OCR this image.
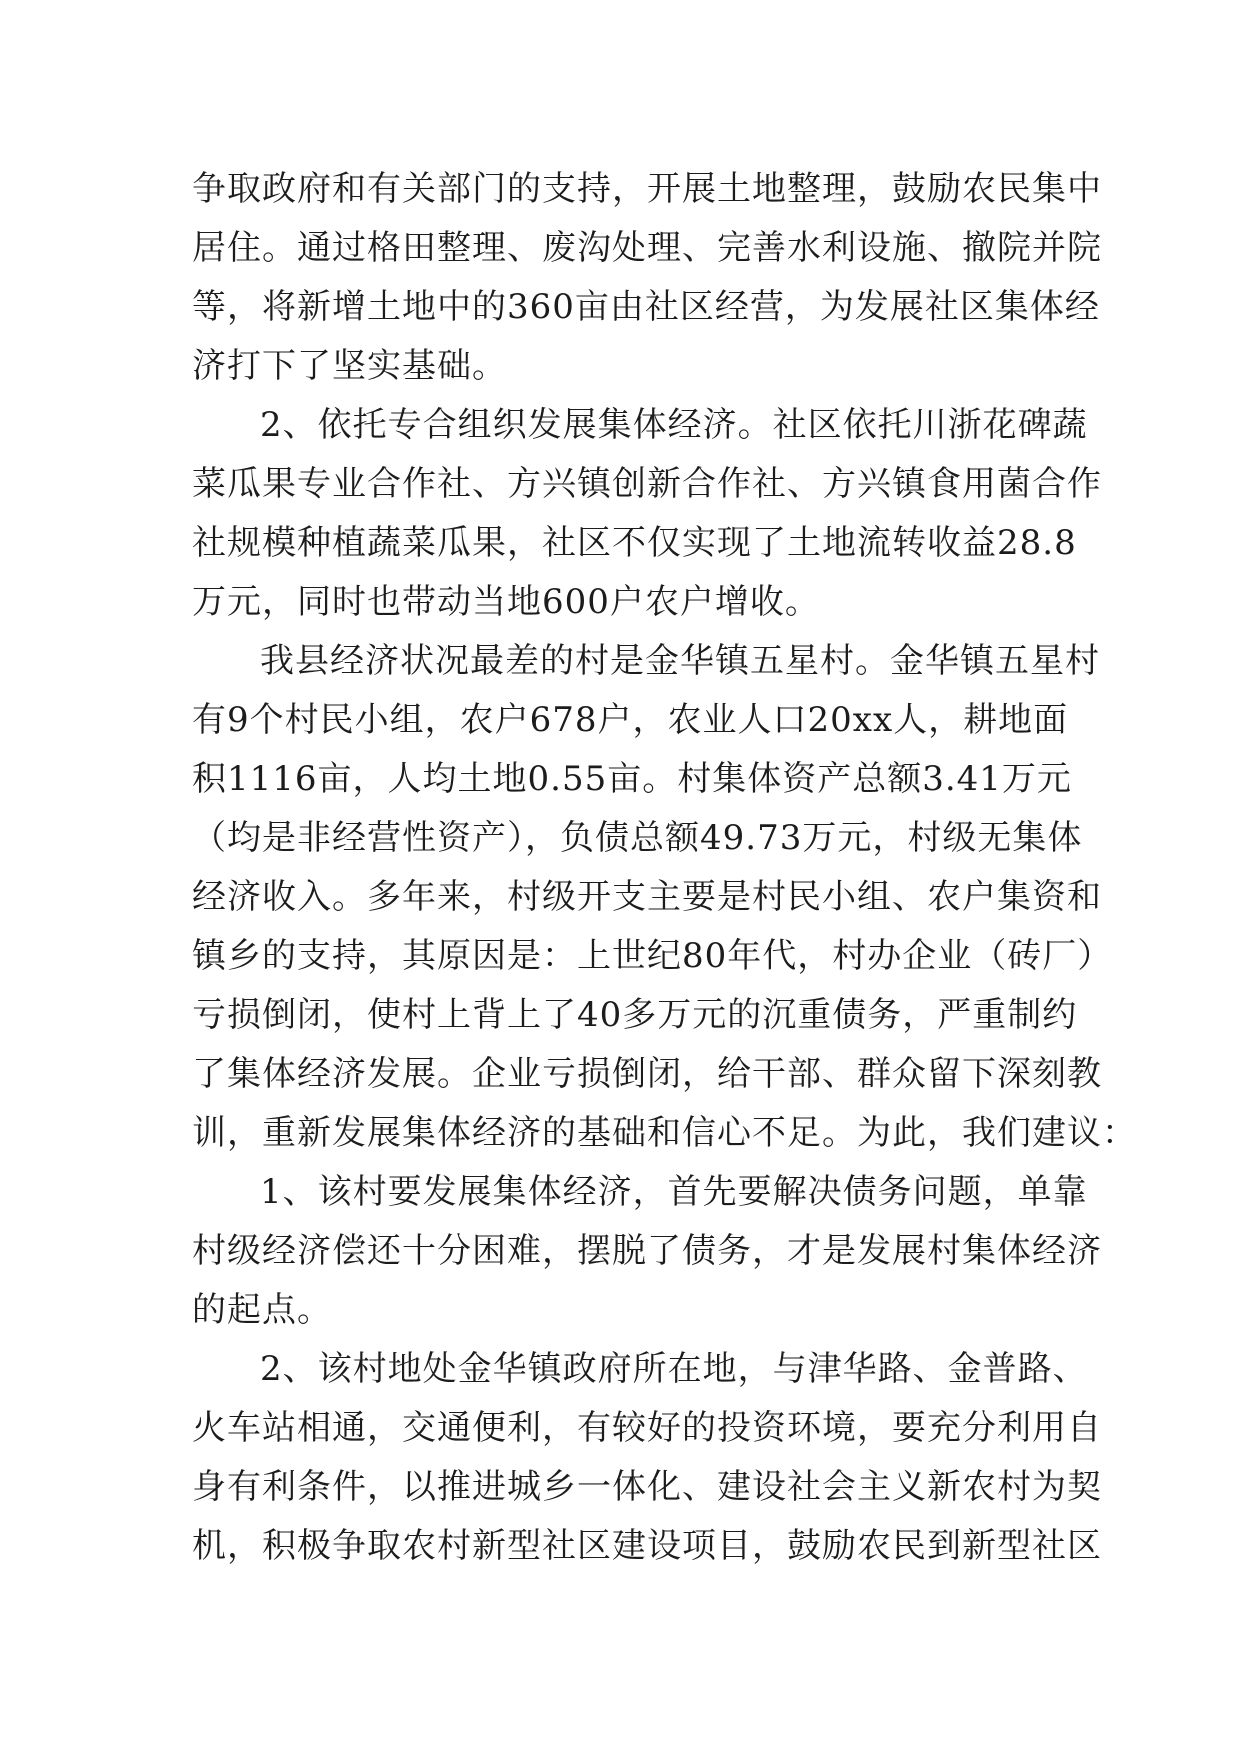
争取政府和有关部门的支持，开展土地整理，鼓励农民集中
居住。通过格田整理、废沟处理、完善水利设施、撤院并院
等，将新增土地中的360亩由社区经营，为发展社区集体经
济打下了坚实基础。
2、依托专合组织发展集体经济。社区依托川浙花碑蔬
菜瓜果专业合作社、方兴镇创新合作社、方兴镇食用菌合作
社规模种植蔬菜瓜果，社区不仅实现了土地流转收益28.8
万元，同时也带动当地600户农户增收。
我县经济状况最差的村是金华镇五星村。金华镇五星村
有9个村民小组，农户678户，农业人口20xx人，耕地面
积1116亩，人均土地0.55亩。村集体资产总额3.41万元
（均是非经营性资产），负债总额49.73万元，村级无集体
经济收入。多年来，村级开支主要是村民小组、农户集资和
镇乡的支持，其原因是：上世纪80年代，村办企业（砖厂）
亏损倒闭，使村上背上了40多万元的沉重债务，严重制约
了集体经济发展。企业亏损倒闭，给干部、群众留下深刻教
训，重新发展集体经济的基础和信心不足。为此，我们建议：
1、该村要发展集体经济，首先要解决债务问题，单靠
村级经济偿还十分困难，摆脱了债务，才是发展村集体经济
的起点。
2、该村地处金华镇政府所在地，与津华路、金普路、
火车站相通，交通便利，有较好的投资环境，要充分利用自
身有利条件，以推进城乡一体化、建设社会主义新农村为契
机，积极争取农村新型社区建设项目，鼓励农民到新型社区
